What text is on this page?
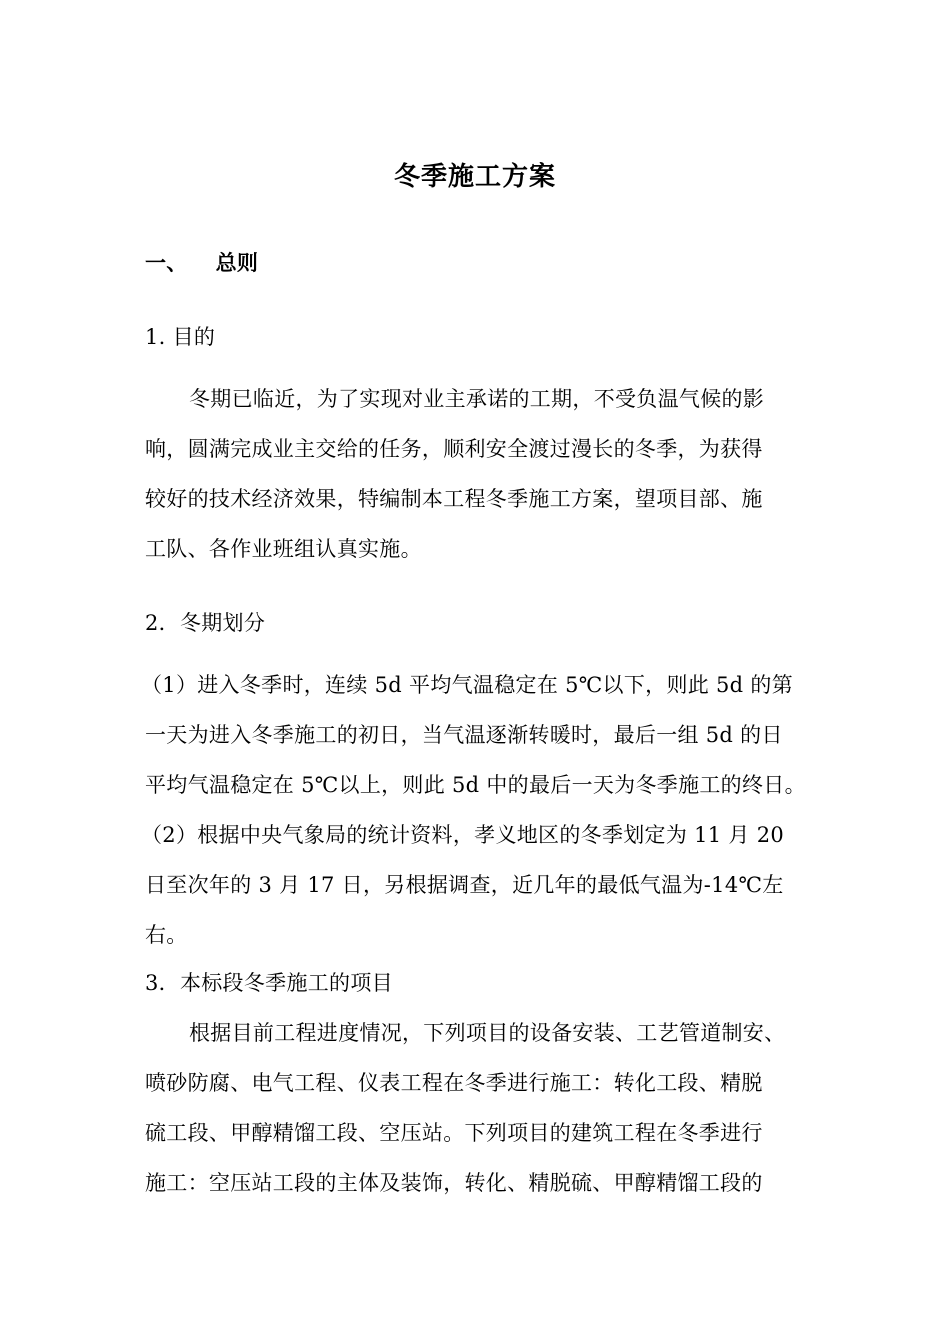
冬季施工方案
一、 总则
1. 目的
冬期已临近，为了实现对业主承诺的工期，不受负温气候的影
响，圆满完成业主交给的任务，顺利安全渡过漫长的冬季，为获得
较好的技术经济效果，特编制本工程冬季施工方案，望项目部、施
工队、各作业班组认真实施。
2．冬期划分
（1）进入冬季时，连续 5d 平均气温稳定在 5℃以下，则此 5d 的第
一天为进入冬季施工的初日，当气温逐渐转暖时，最后一组 5d 的日
平均气温稳定在 5℃以上，则此 5d 中的最后一天为冬季施工的终日。
（2）根据中央气象局的统计资料，孝义地区的冬季划定为 11 月 20
日至次年的 3 月 17 日，另根据调查，近几年的最低气温为-14℃左
右。
3．本标段冬季施工的项目
根据目前工程进度情况，下列项目的设备安装、工艺管道制安、
喷砂防腐、电气工程、仪表工程在冬季进行施工：转化工段、精脱
硫工段、甲醇精馏工段、空压站。下列项目的建筑工程在冬季进行
施工：空压站工段的主体及装饰，转化、精脱硫、甲醇精馏工段的
